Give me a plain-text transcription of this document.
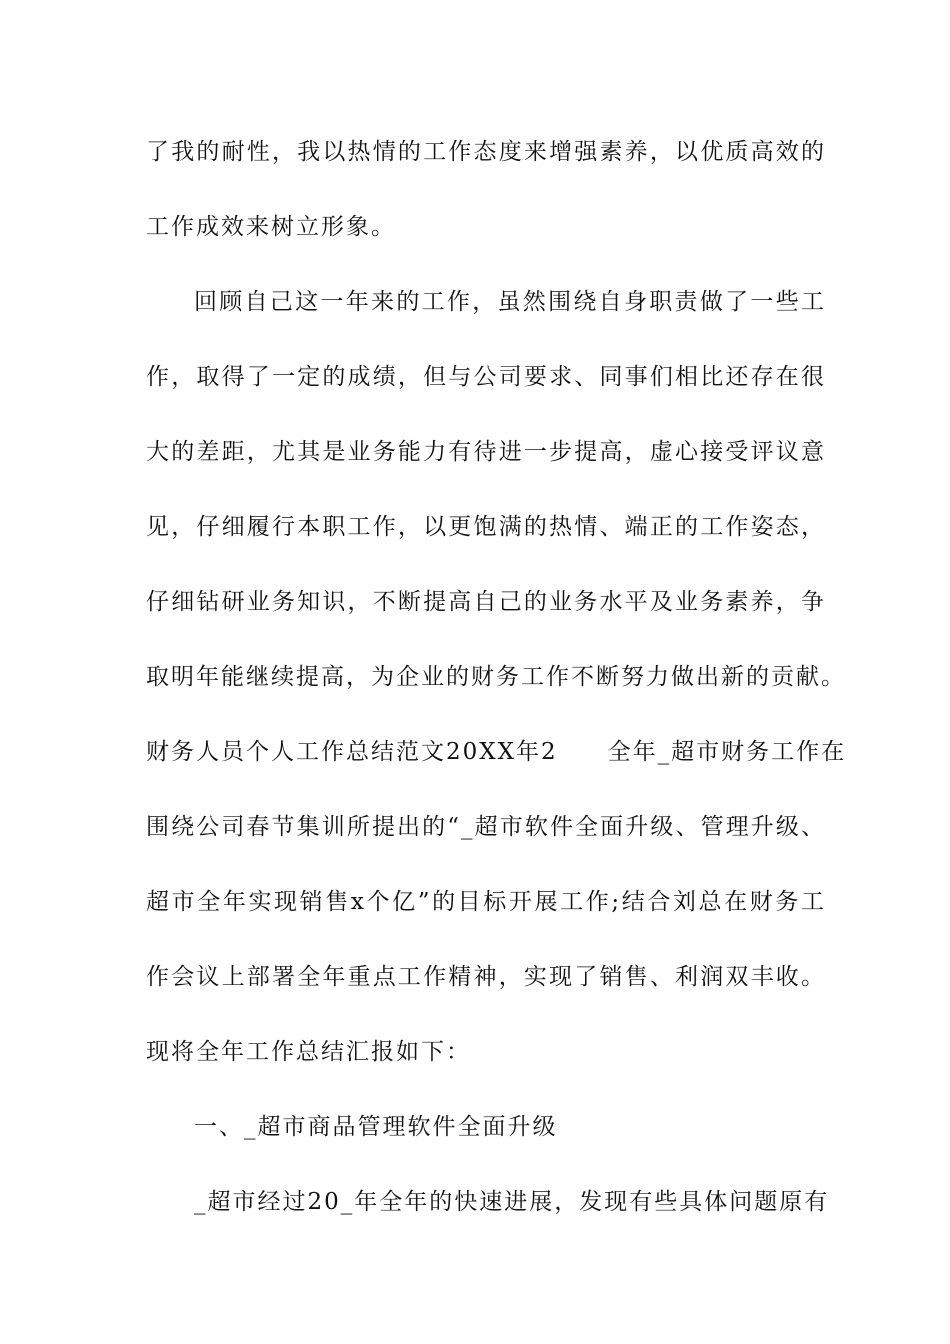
了我的耐性，我以热情的工作态度来增强素养，以优质高效的
工作成效来树立形象。
回顾自己这一年来的工作，虽然围绕自身职责做了一些工
作，取得了一定的成绩，但与公司要求、同事们相比还存在很
大的差距，尤其是业务能力有待进一步提高，虚心接受评议意
见，仔细履行本职工作，以更饱满的热情、端正的工作姿态，
仔细钻研业务知识，不断提高自己的业务水平及业务素养，争
取明年能继续提高，为企业的财务工作不断努力做出新的贡献。
财务人员个人工作总结范文20XX年2　　全年_超市财务工作在
围绕公司春节集训所提出的“_超市软件全面升级、管理升级、
超市全年实现销售x个亿”的目标开展工作;结合刘总在财务工
作会议上部署全年重点工作精神，实现了销售、利润双丰收。
现将全年工作总结汇报如下：
一、_超市商品管理软件全面升级
_超市经过20_年全年的快速进展，发现有些具体问题原有
